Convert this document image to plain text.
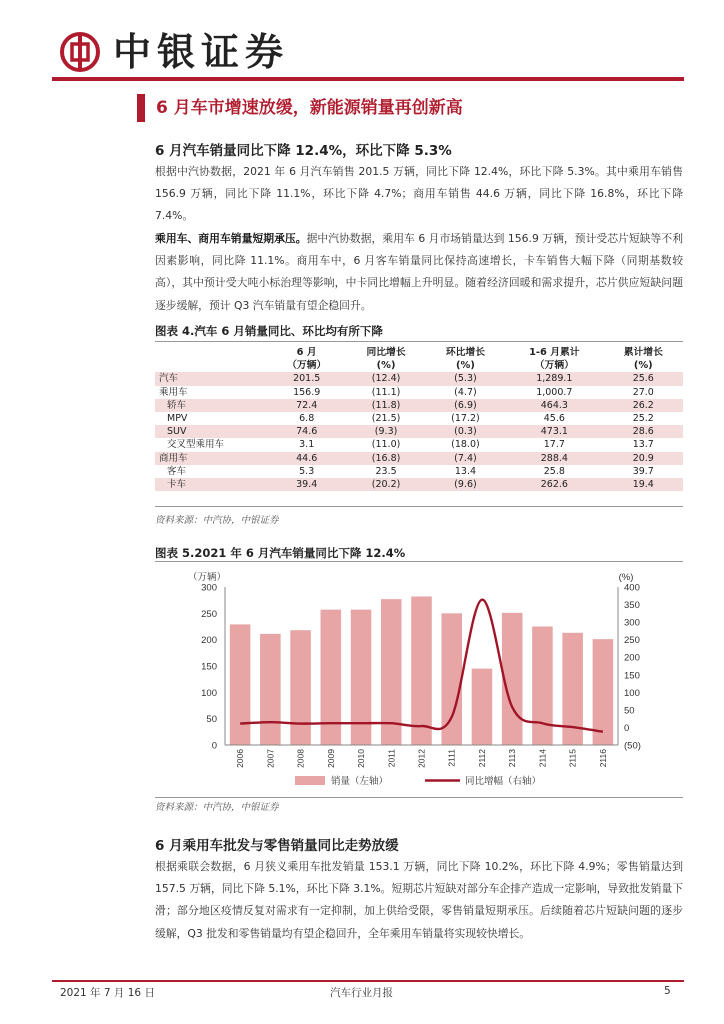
中银证券
6 月车市增速放缓，新能源销量再创新高
6 月汽车销量同比下降 12.4%，环比下降 5.3%
根据中汽协数据，2021 年 6 月汽车销售 201.5 万辆，同比下降 12.4%，环比下降 5.3%。其中乘用车销售 156.9 万辆，同比下降 11.1%，环比下降 4.7%；商用车销售 44.6 万辆，同比下降 16.8%，环比下降 7.4%。
乘用车、商用车销量短期承压。据中汽协数据，乘用车 6 月市场销量达到 156.9 万辆，预计受芯片短缺等不利因素影响，同比降 11.1%。商用车中，6 月客车销量同比保持高速增长，卡车销售大幅下降（同期基数较高），其中预计受大吨小标治理等影响，中卡同比增幅上升明显。随着经济回暖和需求提升，芯片供应短缺问题逐步缓解，预计 Q3 汽车销量有望企稳回升。
图表 4.汽车 6 月销量同比、环比均有所下降
	6 月	同比增长	环比增长	1-6 月累计	累计增长
	（万辆）	(%)	(%)	（万辆）	(%)
汽车	201.5	(12.4)	(5.3)	1,289.1	25.6
乘用车	156.9	(11.1)	(4.7)	1,000.7	27.0
轿车	72.4	(11.8)	(6.9)	464.3	26.2
MPV	6.8	(21.5)	(17.2)	45.6	25.2
SUV	74.6	(9.3)	(0.3)	473.1	28.6
交叉型乘用车	3.1	(11.0)	(18.0)	17.7	13.7
商用车	44.6	(16.8)	(7.4)	288.4	20.9
客车	5.3	23.5	13.4	25.8	39.7
卡车	39.4	(20.2)	(9.6)	262.6	19.4
资料来源：中汽协，中银证券
图表 5.2021 年 6 月汽车销量同比下降 12.4%
（万辆）	(%)
0
50
100
150
200
250
300
(50)
0
50
100
150
200
250
300
350
400
2006 2007 2008 2009 2010 2011 2012 2111 2112 2113 2114 2115 2116
销量（左轴）	同比增幅（右轴）
资料来源：中汽协，中银证券
6 月乘用车批发与零售销量同比走势放缓
根据乘联会数据，6 月狭义乘用车批发销量 153.1 万辆，同比下降 10.2%，环比下降 4.9%；零售销量达到 157.5 万辆，同比下降 5.1%，环比下降 3.1%。短期芯片短缺对部分车企排产造成一定影响，导致批发销量下滑；部分地区疫情反复对需求有一定抑制，加上供给受限，零售销量短期承压。后续随着芯片短缺问题的逐步缓解，Q3 批发和零售销量均有望企稳回升，全年乘用车销量将实现较快增长。
2021 年 7 月 16 日	汽车行业月报	5
